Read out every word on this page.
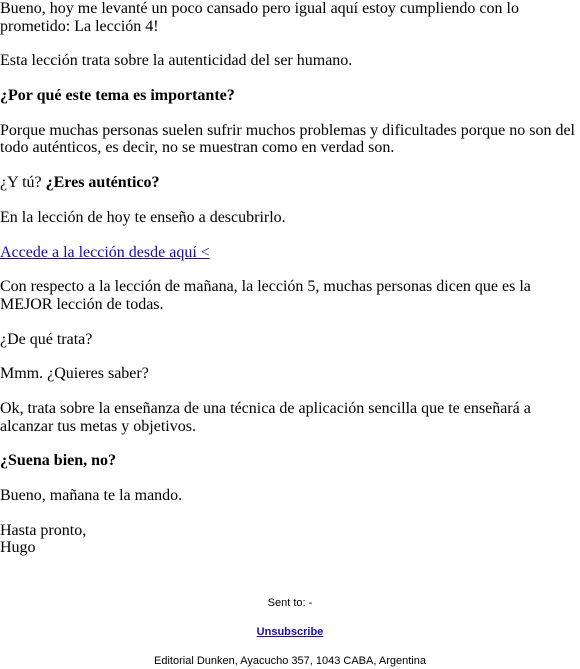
Bueno, hoy me levanté un poco cansado pero igual aquí estoy cumpliendo con lo prometido: La lección 4!

Esta lección trata sobre la autenticidad del ser humano.

¿Por qué este tema es importante?

Porque muchas personas suelen sufrir muchos problemas y dificultades porque no son del todo auténticos, es decir, no se muestran como en verdad son.

¿Y tú? ¿Eres auténtico?

En la lección de hoy te enseño a descubrirlo.

Accede a la lección desde aquí <

Con respecto a la lección de mañana, la lección 5, muchas personas dicen que es la MEJOR lección de todas.

¿De qué trata?

Mmm. ¿Quieres saber?

Ok, trata sobre la enseñanza de una técnica de aplicación sencilla que te enseñará a alcanzar tus metas y objetivos.

¿Suena bien, no?

Bueno, mañana te la mando.

Hasta pronto,
Hugo

Sent to: -
Unsubscribe
Editorial Dunken, Ayacucho 357, 1043 CABA, Argentina
